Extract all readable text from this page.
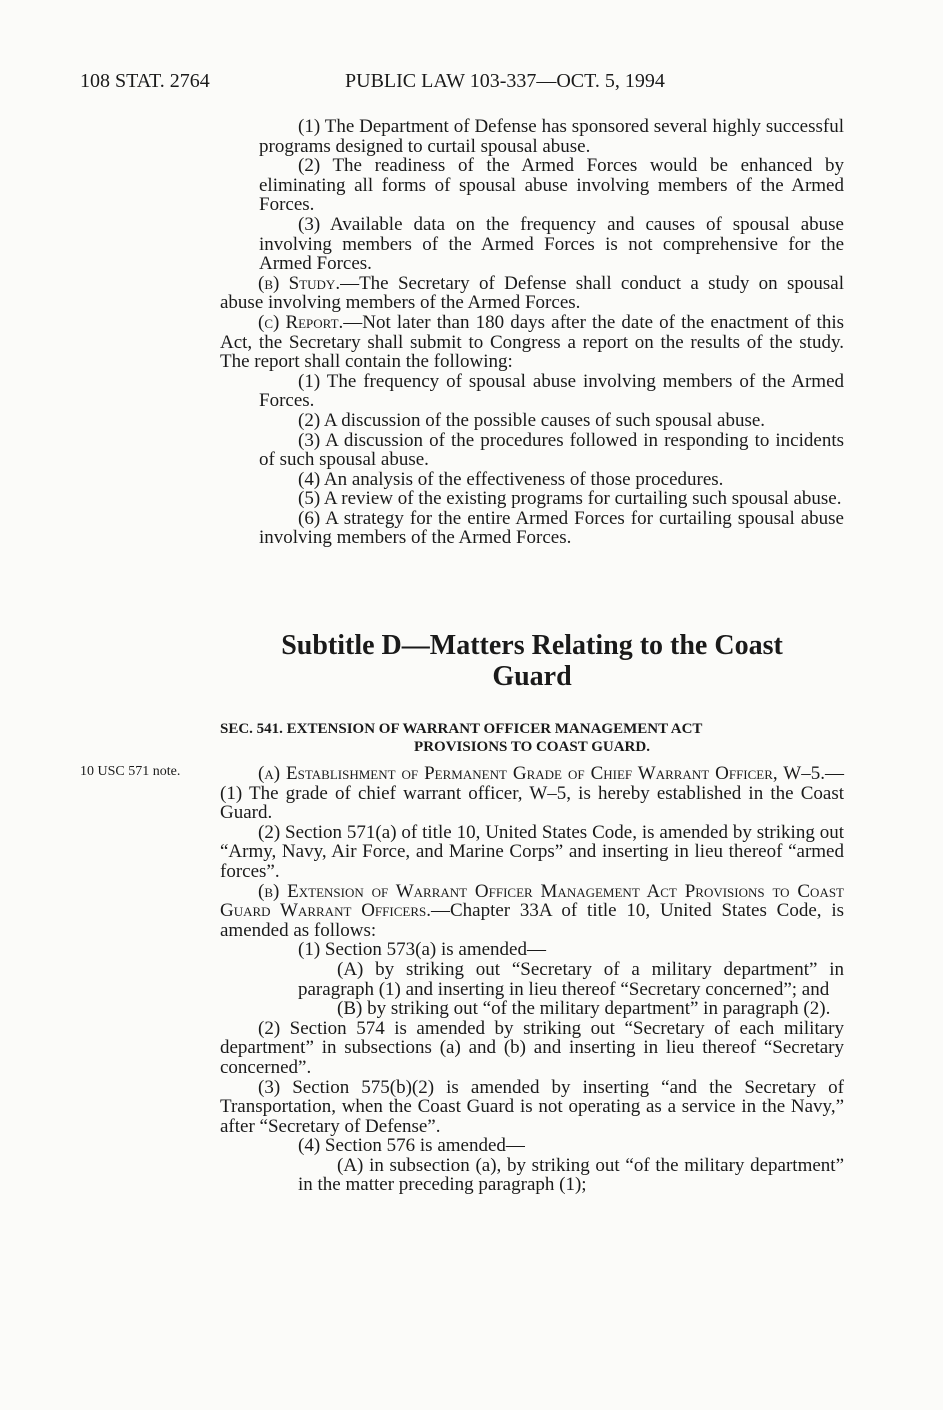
108 STAT. 2764	PUBLIC LAW 103-337—OCT. 5, 1994

(1) The Department of Defense has sponsored several highly successful programs designed to curtail spousal abuse.

(2) The readiness of the Armed Forces would be enhanced by eliminating all forms of spousal abuse involving members of the Armed Forces.

(3) Available data on the frequency and causes of spousal abuse involving members of the Armed Forces is not comprehensive for the Armed Forces.

(b) Study.—The Secretary of Defense shall conduct a study on spousal abuse involving members of the Armed Forces.

(c) Report.—Not later than 180 days after the date of the enactment of this Act, the Secretary shall submit to Congress a report on the results of the study. The report shall contain the following:

(1) The frequency of spousal abuse involving members of the Armed Forces.

(2) A discussion of the possible causes of such spousal abuse.

(3) A discussion of the procedures followed in responding to incidents of such spousal abuse.

(4) An analysis of the effectiveness of those procedures.

(5) A review of the existing programs for curtailing such spousal abuse.

(6) A strategy for the entire Armed Forces for curtailing spousal abuse involving members of the Armed Forces.

Subtitle D—Matters Relating to the Coast
Guard
SEC. 541. EXTENSION OF WARRANT OFFICER MANAGEMENT ACT
PROVISIONS TO COAST GUARD.
10 USC 571 note.	(a) Establishment of Permanent Grade of Chief Warrant Officer, W–5.—(1) The grade of chief warrant officer, W–5, is hereby established in the Coast Guard.

(2) Section 571(a) of title 10, United States Code, is amended by striking out “Army, Navy, Air Force, and Marine Corps” and inserting in lieu thereof “armed forces”.

(b) Extension of Warrant Officer Management Act Provisions to Coast Guard Warrant Officers.—Chapter 33A of title 10, United States Code, is amended as follows:

(1) Section 573(a) is amended—

(A) by striking out “Secretary of a military department” in paragraph (1) and inserting in lieu thereof “Secretary concerned”; and

(B) by striking out “of the military department” in paragraph (2).

(2) Section 574 is amended by striking out “Secretary of each military department” in subsections (a) and (b) and inserting in lieu thereof “Secretary concerned”.

(3) Section 575(b)(2) is amended by inserting “and the Secretary of Transportation, when the Coast Guard is not operating as a service in the Navy,” after “Secretary of Defense”.

(4) Section 576 is amended—

(A) in subsection (a), by striking out “of the military department” in the matter preceding paragraph (1);
